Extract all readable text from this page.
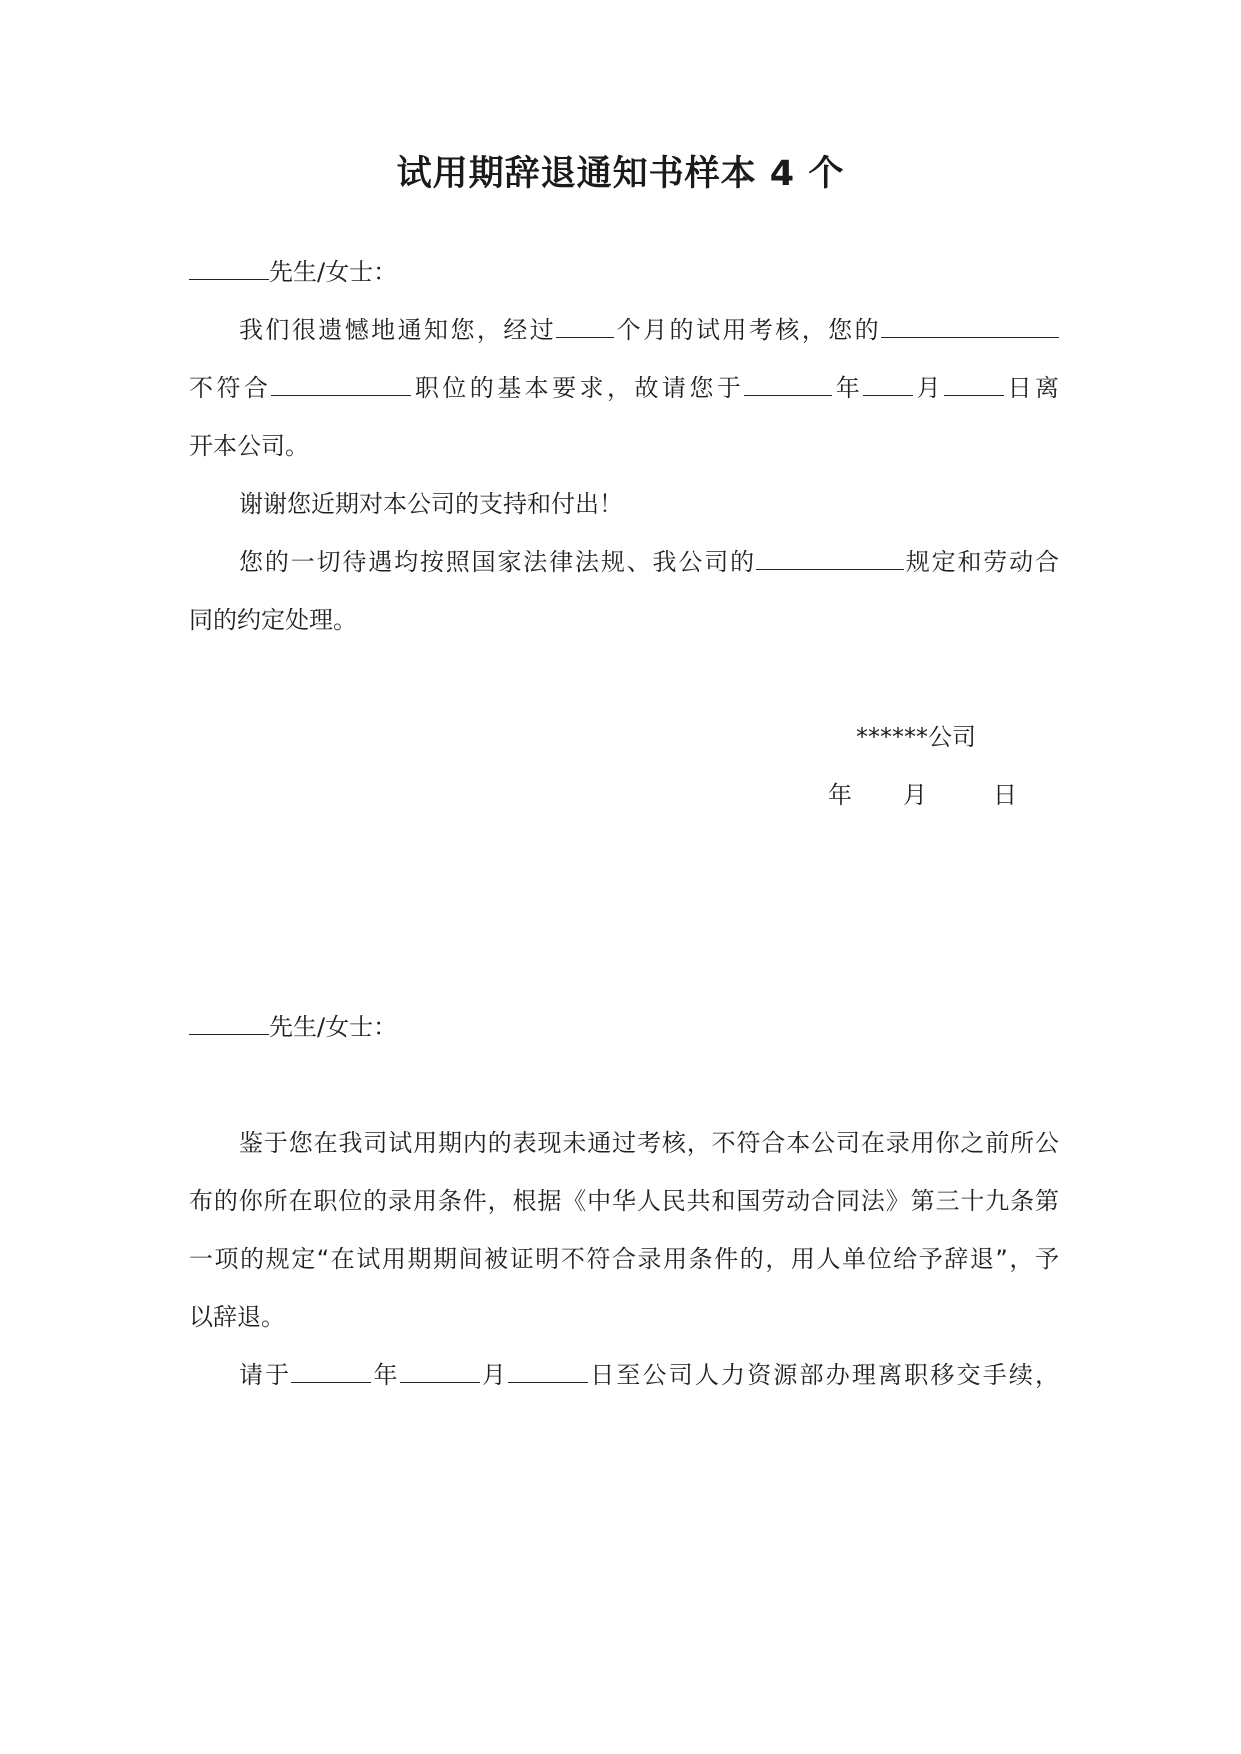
试用期辞退通知书样本 4 个
先生/女士：
我们很遗憾地通知您，经过 个月的试用考核，您的
不符合	职位的基本要求，故请您于	年 月	日离
开本公司。
谢谢您近期对本公司的支持和付出！
您的一切待遇均按照国家法律法规、我公司的	规定和劳动合
同的约定处理。
******公司
年 月	日
先生/女士：
鉴于您在我司试用期内的表现未通过考核，不符合本公司在录用你之前所公
布的你所在职位的录用条件，根据《中华人民共和国劳动合同法》第三十九条第
一项的规定“在试用期期间被证明不符合录用条件的，用人单位给予辞退”，予
以辞退。
请于	年	月	日至公司人力资源部办理离职移交手续，
